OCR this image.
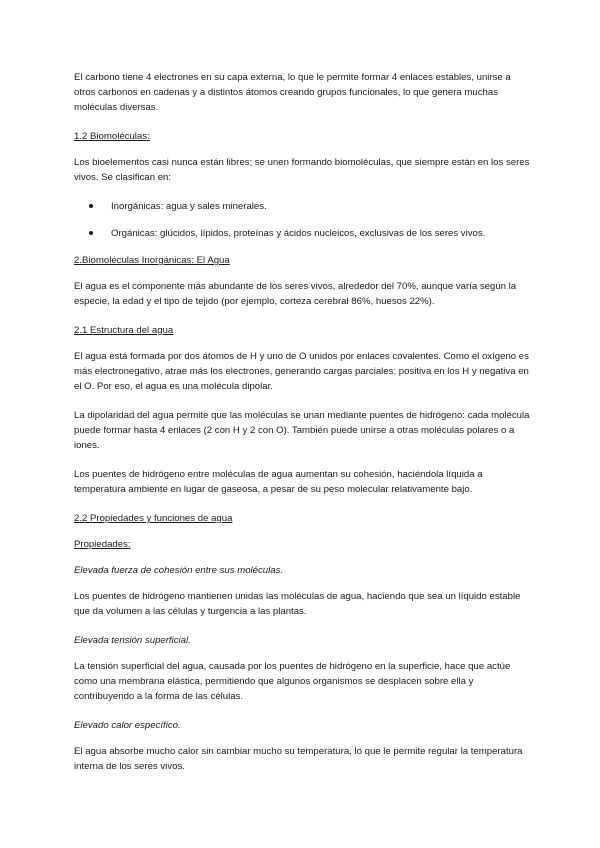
El carbono tiene 4 electrones en su capa externa, lo que le permite formar 4 enlaces estables, unirse a otros carbonos en cadenas y a distintos átomos creando grupos funcionales, lo que genera muchas moléculas diversas.

1.2 Biomoléculas:

Los bioelementos casi nunca están libres; se unen formando biomoléculas, que siempre están en los seres vivos. Se clasifican en:

Inorgánicas: agua y sales minerales.
Orgánicas: glúcidos, lípidos, proteínas y ácidos nucleicos, exclusivas de los seres vivos.

2.Biomoléculas Inorgánicas: El Agua

El agua es el componente más abundante de los seres vivos, alrededor del 70%, aunque varía según la especie, la edad y el tipo de tejido (por ejemplo, corteza cerebral 86%, huesos 22%).

2.1 Estructura del agua

El agua está formada por dos átomos de H y uno de O unidos por enlaces covalentes. Como el oxígeno es más electronegativo, atrae más los electrones, generando cargas parciales: positiva en los H y negativa en el O. Por eso, el agua es una molécula dipolar.

La dipolaridad del agua permite que las moléculas se unan mediante puentes de hidrógeno: cada molécula puede formar hasta 4 enlaces (2 con H y 2 con O). También puede unirse a otras moléculas polares o a iones.

Los puentes de hidrógeno entre moléculas de agua aumentan su cohesión, haciéndola líquida a temperatura ambiente en lugar de gaseosa, a pesar de su peso molecular relativamente bajo.

2.2 Propiedades y funciones de agua

Propiedades:

Elevada fuerza de cohesión entre sus moléculas.

Los puentes de hidrógeno mantienen unidas las moléculas de agua, haciendo que sea un líquido estable que da volumen a las células y turgencia a las plantas.

Elevada tensión superficial.

La tensión superficial del agua, causada por los puentes de hidrógeno en la superficie, hace que actúe como una membrana elástica, permitiendo que algunos organismos se desplacen sobre ella y contribuyendo a la forma de las células.

Elevado calor específico.

El agua absorbe mucho calor sin cambiar mucho su temperatura, lo que le permite regular la temperatura interna de los seres vivos.
